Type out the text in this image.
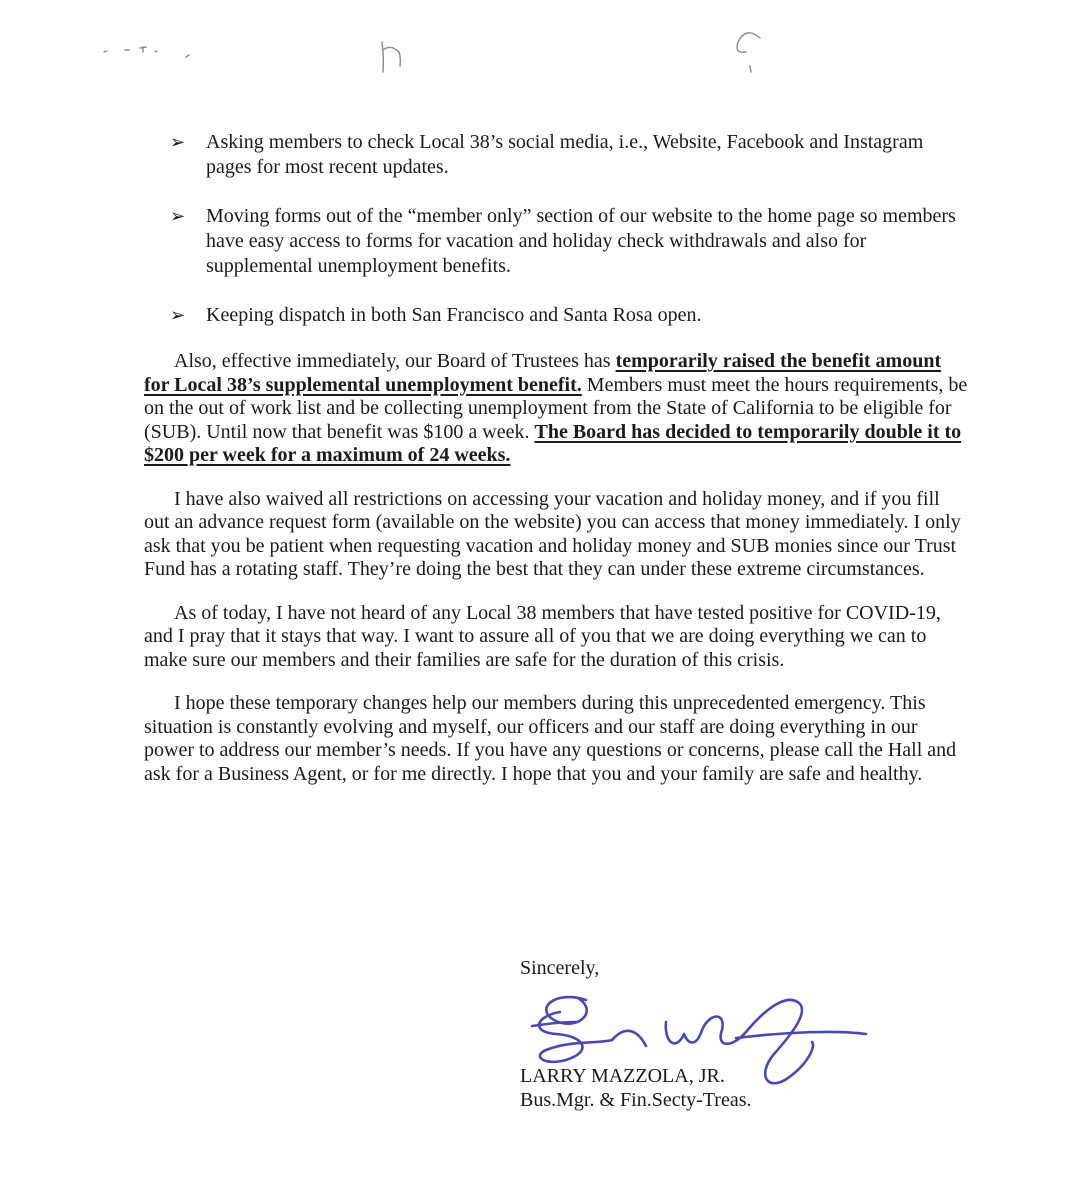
➢ Asking members to check Local 38’s social media, i.e., Website, Facebook and Instagram pages for most recent updates.
➢ Moving forms out of the “member only” section of our website to the home page so members have easy access to forms for vacation and holiday check withdrawals and also for supplemental unemployment benefits.
➢ Keeping dispatch in both San Francisco and Santa Rosa open.

Also, effective immediately, our Board of Trustees has temporarily raised the benefit amount for Local 38’s supplemental unemployment benefit. Members must meet the hours requirements, be on the out of work list and be collecting unemployment from the State of California to be eligible for (SUB). Until now that benefit was $100 a week. The Board has decided to temporarily double it to $200 per week for a maximum of 24 weeks.

I have also waived all restrictions on accessing your vacation and holiday money, and if you fill out an advance request form (available on the website) you can access that money immediately. I only ask that you be patient when requesting vacation and holiday money and SUB monies since our Trust Fund has a rotating staff. They’re doing the best that they can under these extreme circumstances.

As of today, I have not heard of any Local 38 members that have tested positive for COVID-19, and I pray that it stays that way. I want to assure all of you that we are doing everything we can to make sure our members and their families are safe for the duration of this crisis.

I hope these temporary changes help our members during this unprecedented emergency. This situation is constantly evolving and myself, our officers and our staff are doing everything in our power to address our member’s needs. If you have any questions or concerns, please call the Hall and ask for a Business Agent, or for me directly. I hope that you and your family are safe and healthy.

Sincerely,
LARRY MAZZOLA, JR.
Bus.Mgr. & Fin.Secty-Treas.
